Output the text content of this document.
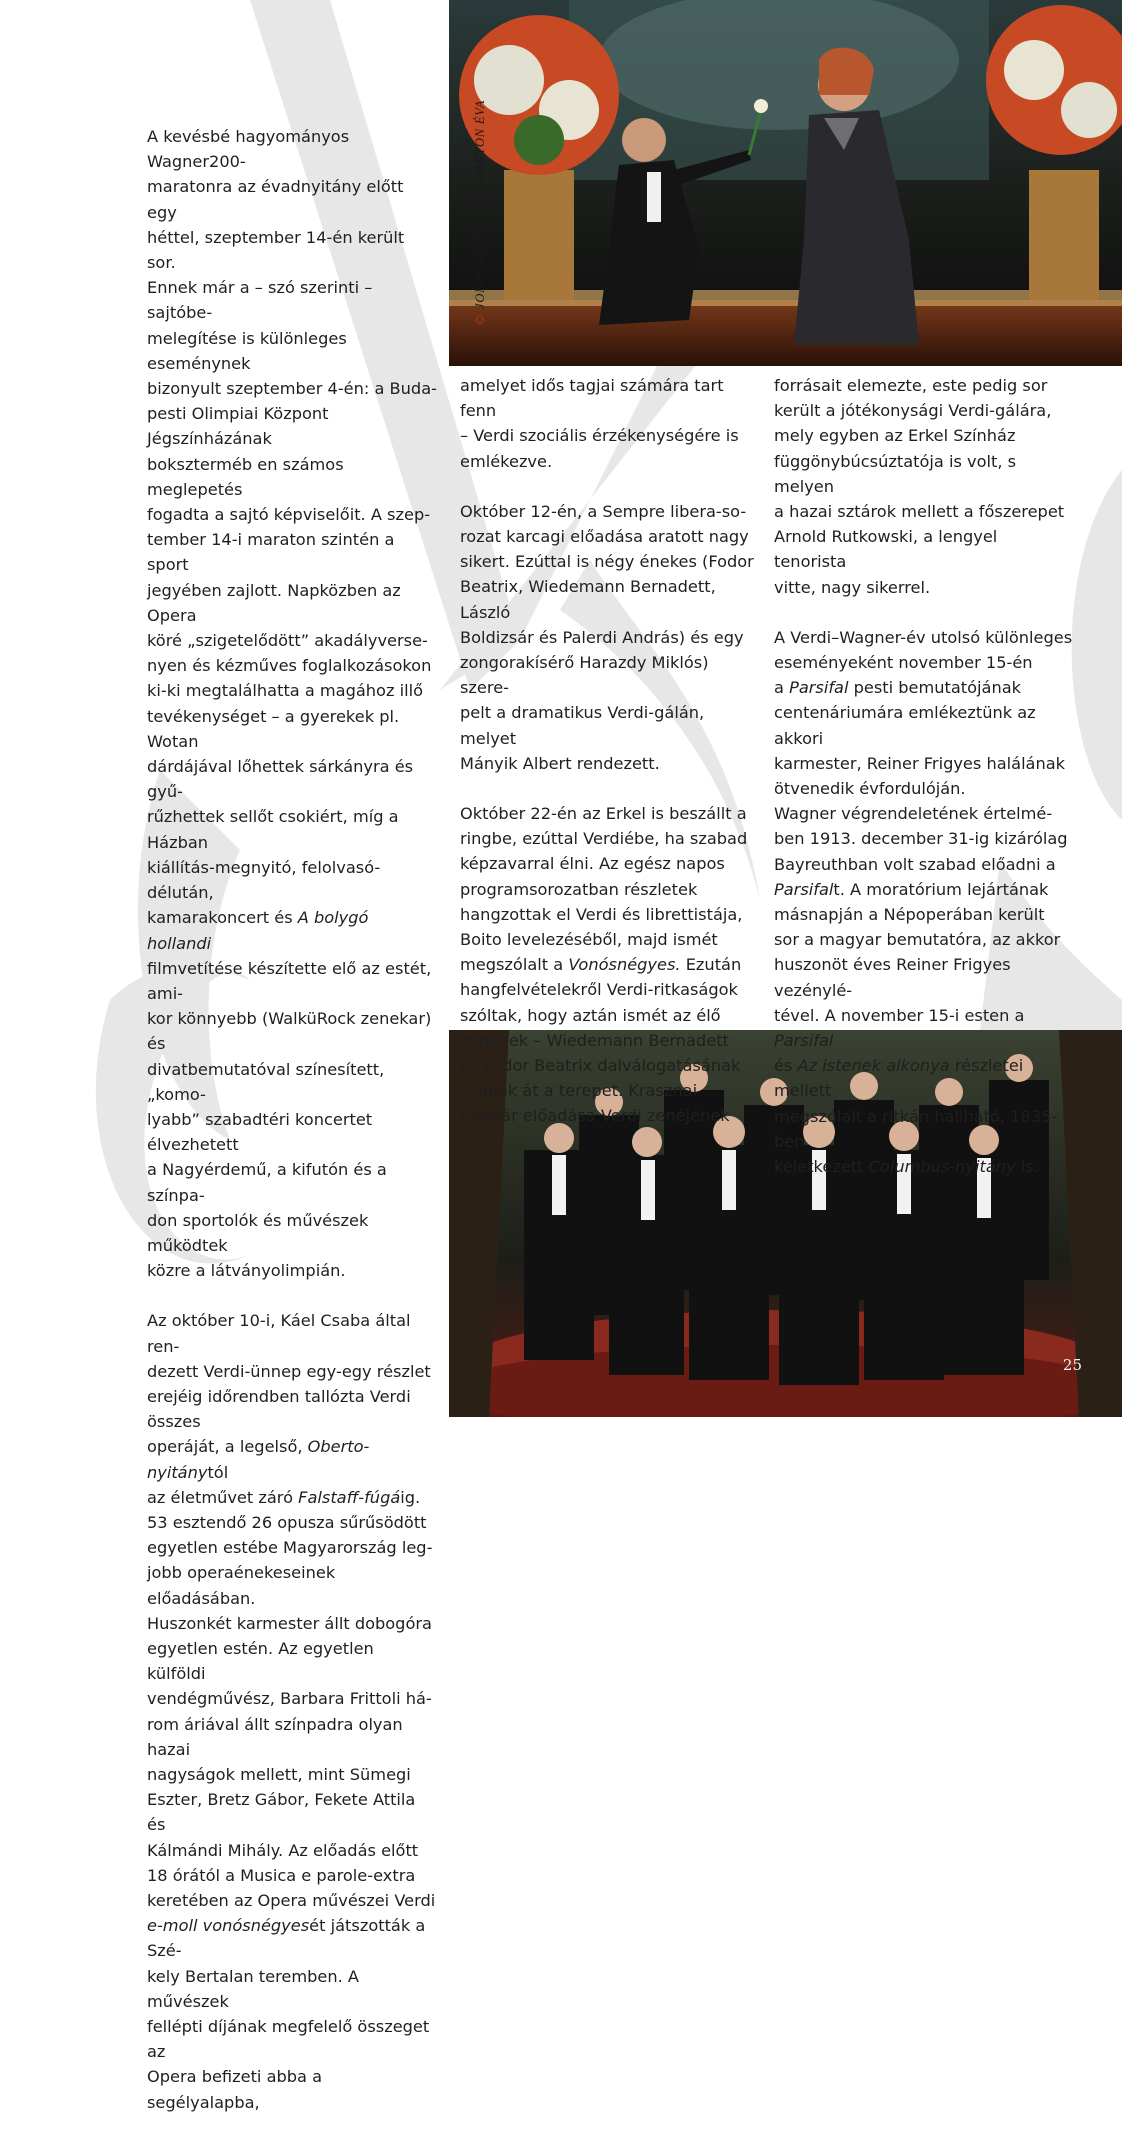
©
JONAS KAUFMANN, MARTON ÉVA

A kevésbé hagyományos Wagner200-
maratonra az évadnyitány előtt egy
héttel, szeptember 14-én került sor.
Ennek már a – szó szerinti – sajtóbe-
melegítése is különleges eseménynek
bizonyult szeptember 4-én: a Buda-
pesti Olimpiai Központ Jégszínházának
bokszterméb en számos meglepetés
fogadta a sajtó képviselőit. A szep-
tember 14-i maraton szintén a sport
jegyében zajlott. Napközben az Opera
köré „szigetelődött” akadályverse-
nyen és kézműves foglalkozásokon
ki-ki megtalálhatta a magához illő
tevékenységet – a gyerekek pl. Wotan
dárdájával lőhettek sárkányra és gyű-
rűzhettek sellőt csokiért, míg a Házban
kiállítás-megnyitó, felolvasó-délután,
kamarakoncert és A bolygó hollandi
filmvetítése készítette elő az estét, ami-
kor könnyebb (WalküRock zenekar) és
divatbemutatóval színesített, „komo-
lyabb” szabadtéri koncertet élvezhetett
a Nagyérdemű, a kifutón és a színpa-
don sportolók és művészek működtek
közre a látványolimpián.

Az október 10-i, Káel Csaba által ren-
dezett Verdi-ünnep egy-egy részlet
erejéig időrendben tallózta Verdi összes
operáját, a legelső, Oberto-nyitánytól
az életművet záró Falstaff-fúgáig.
53 esztendő 26 opusza sűrűsödött
egyetlen estébe Magyarország leg-
jobb operaénekeseinek előadásában.
Huszonkét karmester állt dobogóra
egyetlen estén. Az egyetlen külföldi
vendégművész, Barbara Frittoli há-
rom áriával állt színpadra olyan hazai
nagyságok mellett, mint Sümegi
Eszter, Bretz Gábor, Fekete Attila és
Kálmándi Mihály. Az előadás előtt
18 órától a Musica e parole-extra
keretében az Opera művészei Verdi
e-moll vonósnégyesét játszották a Szé-
kely Bertalan teremben. A művészek
fellépti díjának megfelelő összeget az
Opera befizeti abba a segélyalapba,

amelyet idős tagjai számára tart fenn
– Verdi szociális érzékenységére is
emlékezve.

Október 12-én, a Sempre libera-so-
rozat karcagi előadása aratott nagy
sikert. Ezúttal is négy énekes (Fodor
Beatrix, Wiedemann Bernadett, László
Boldizsár és Palerdi András) és egy
zongorakísérő Harazdy Miklós) szere-
pelt a dramatikus Verdi-gálán, melyet
Mányik Albert rendezett.

Október 22-én az Erkel is beszállt a
ringbe, ezúttal Verdiébe, ha szabad
képzavarral élni. Az egész napos
programsorozatban részletek
hangzottak el Verdi és librettistája,
Boito levelezéséből, majd ismét
megszólalt a Vonósnégyes. Ezután
hangfelvételekről Verdi-ritkaságok
szóltak, hogy aztán ismét az élő
zenének – Wiedemann Bernadett
és Fodor Beatrix dalválogatásának
– adják át a terepet. Krasznai
Gáspár előadása Verdi zenéjének

forrásait elemezte, este pedig sor
került a jótékonysági Verdi-gálára,
mely egyben az Erkel Színház
függönybúcsúztatója is volt, s melyen
a hazai sztárok mellett a főszerepet
Arnold Rutkowski, a lengyel tenorista
vitte, nagy sikerrel.

A Verdi–Wagner-év utolsó különleges
eseményeként november 15-én
a Parsifal pesti bemutatójának
centenáriumára emlékeztünk az akkori
karmester, Reiner Frigyes halálának
ötvenedik évfordulóján.
Wagner végrendeletének értelmé-
ben 1913. december 31-ig kizárólag
Bayreuthban volt szabad előadni a
Parsifalt. A moratórium lejártának
másnapján a Népoperában került
sor a magyar bemutatóra, az akkor
huszonöt éves Reiner Frigyes vezénylé-
tével. A november 15-i esten a Parsifal
és Az istenek alkonya részletei mellett
megszólalt a ritkán hallható, 1835-ben
keletkezett Columbus-nyitány is.

25
